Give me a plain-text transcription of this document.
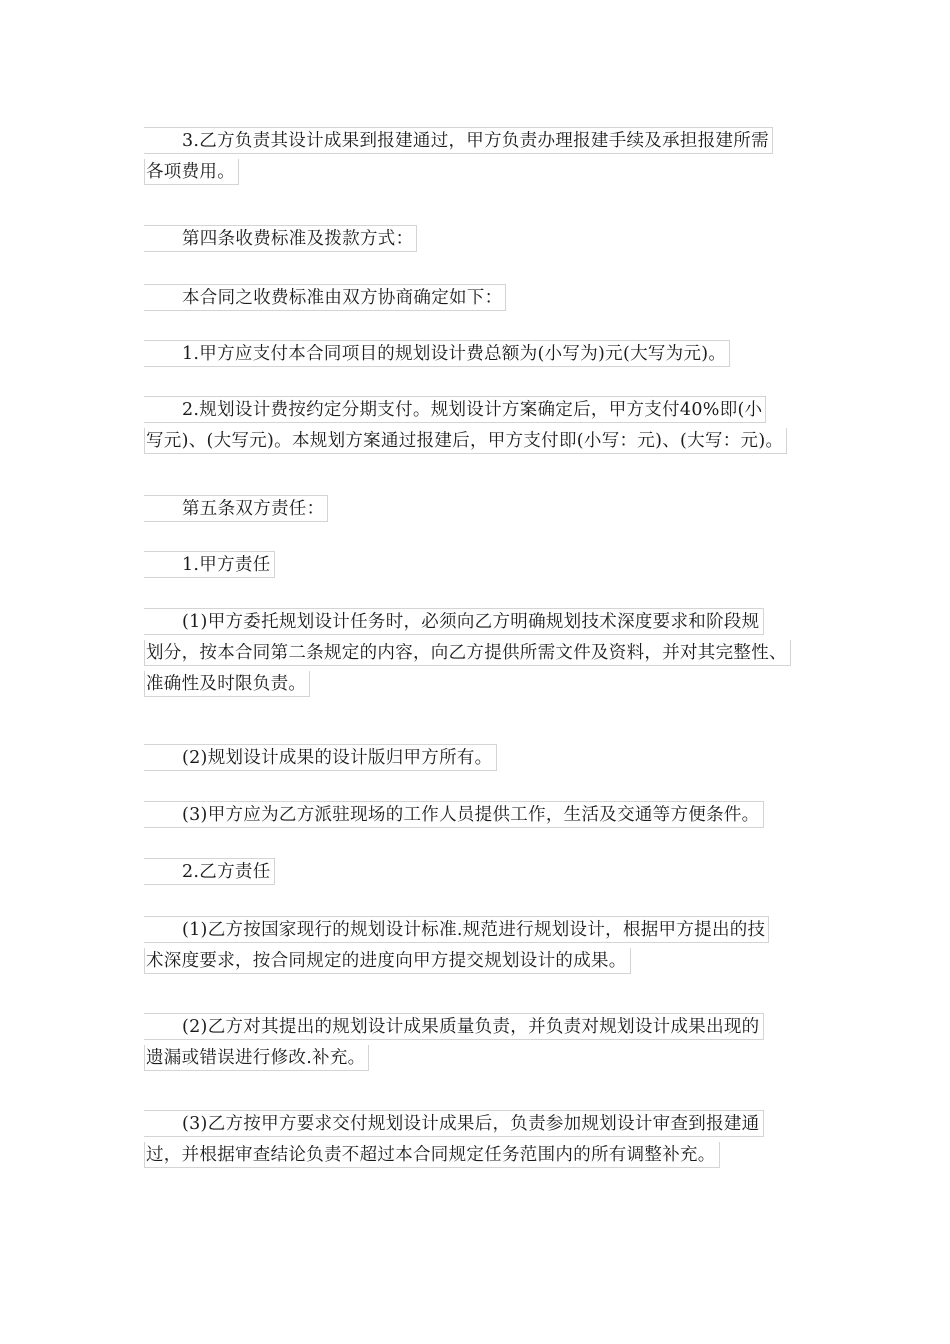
3.乙方负责其设计成果到报建通过，甲方负责办理报建手续及承担报建所需
各项费用。
第四条收费标准及拨款方式：
本合同之收费标准由双方协商确定如下：
1.甲方应支付本合同项目的规划设计费总额为(小写为)元(大写为元)。
2.规划设计费按约定分期支付。规划设计方案确定后，甲方支付40%即(小
写元)、(大写元)。本规划方案通过报建后，甲方支付即(小写：元)、(大写：元)。
第五条双方责任：
1.甲方责任
(1)甲方委托规划设计任务时，必须向乙方明确规划技术深度要求和阶段规
划分，按本合同第二条规定的内容，向乙方提供所需文件及资料，并对其完整性、
准确性及时限负责。
(2)规划设计成果的设计版归甲方所有。
(3)甲方应为乙方派驻现场的工作人员提供工作，生活及交通等方便条件。
2.乙方责任
(1)乙方按国家现行的规划设计标准.规范进行规划设计，根据甲方提出的技
术深度要求，按合同规定的进度向甲方提交规划设计的成果。
(2)乙方对其提出的规划设计成果质量负责，并负责对规划设计成果出现的
遗漏或错误进行修改.补充。
(3)乙方按甲方要求交付规划设计成果后，负责参加规划设计审查到报建通
过，并根据审查结论负责不超过本合同规定任务范围内的所有调整补充。
